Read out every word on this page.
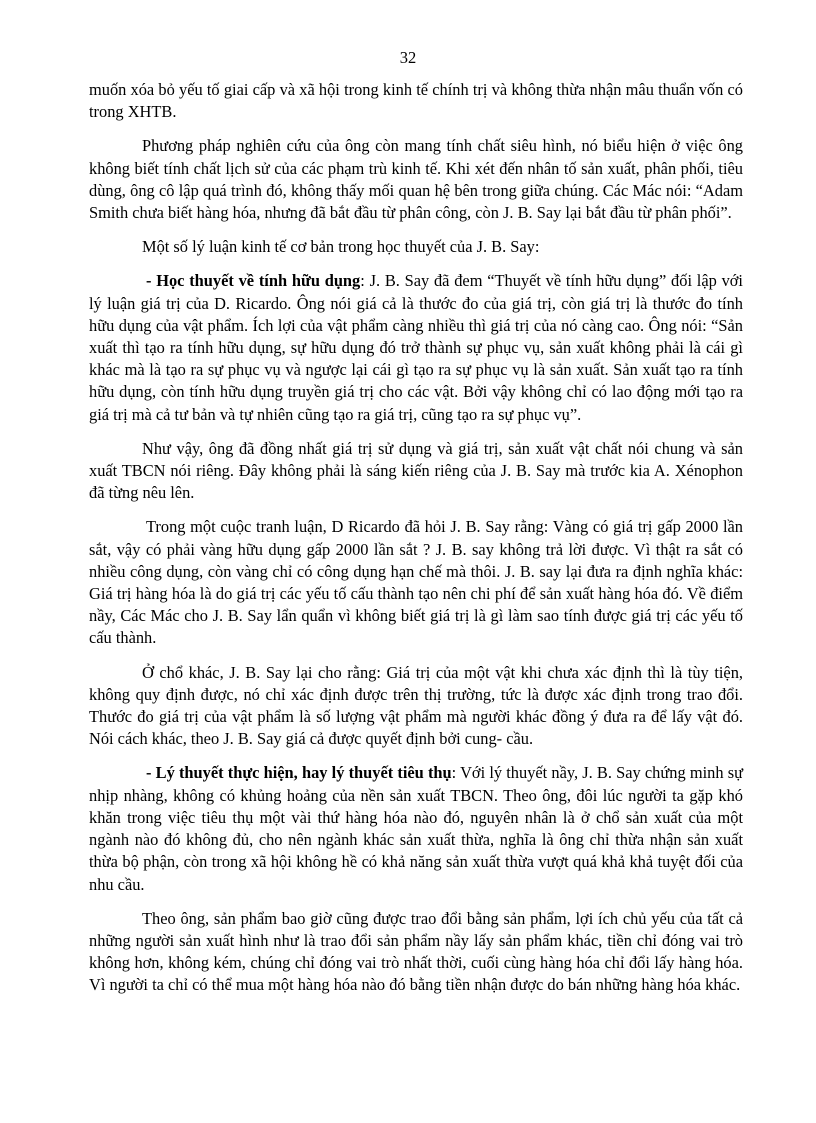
32

muốn xóa bỏ yếu tố giai cấp và xã hội trong kinh tế chính trị và không thừa nhận mâu thuẩn vốn có trong XHTB.

Phương pháp nghiên cứu của ông còn mang tính chất siêu hình, nó biểu hiện ở việc ông không biết tính chất lịch sử của các phạm trù kinh tế. Khi xét đến nhân tố sản xuất, phân phối, tiêu dùng, ông cô lập quá trình đó, không thấy mối quan hệ bên trong giữa chúng. Các Mác nói: “Adam Smith chưa biết hàng hóa, nhưng đã bắt đầu từ phân công, còn J. B. Say lại bắt đầu từ phân phối”.

Một số lý luận kinh tế cơ bản trong học thuyết của J. B. Say:

- Học thuyết về tính hữu dụng: J. B. Say đã đem “Thuyết về tính hữu dụng” đối lập với lý luận giá trị của D. Ricardo. Ông nói giá cả là thước đo của giá trị, còn giá trị là thước đo tính hữu dụng của vật phẩm. Ích lợi của vật phẩm càng nhiều thì giá trị của nó càng cao. Ông nói: “Sản xuất thì tạo ra tính hữu dụng, sự hữu dụng đó trở thành sự phục vụ, sản xuất không phải là cái gì khác mà là tạo ra sự phục vụ và ngược lại cái gì tạo ra sự phục vụ là sản xuất. Sản xuất tạo ra tính hữu dụng, còn tính hữu dụng truyền giá trị cho các vật. Bởi vậy không chỉ có lao động mới tạo ra giá trị mà cả tư bản và tự nhiên cũng tạo ra giá trị, cũng tạo ra sự phục vụ”.

Như vậy, ông đã đồng nhất giá trị sử dụng và giá trị, sản xuất vật chất nói chung và sản xuất TBCN nói riêng. Đây không phải là sáng kiến riêng của J. B. Say mà trước kia A. Xénophon đã từng nêu lên.

Trong một cuộc tranh luận, D Ricardo đã hỏi J. B. Say rằng: Vàng có giá trị gấp 2000 lần sắt, vậy có phải vàng hữu dụng gấp 2000 lần sắt ? J. B. say không trả lời được. Vì thật ra sắt có nhiều công dụng, còn vàng chỉ có công dụng hạn chế mà thôi. J. B. say lại đưa ra định nghĩa khác: Giá trị hàng hóa là do giá trị các yếu tố cấu thành tạo nên chi phí để sản xuất hàng hóa đó. Về điểm nầy, Các Mác cho J. B. Say lẩn quẩn vì không biết giá trị là gì làm sao tính được giá trị các yếu tố cấu thành.

Ở chổ khác, J. B. Say lại cho rằng: Giá trị của một vật khi chưa xác định thì là tùy tiện, không quy định được, nó chỉ xác định được trên thị trường, tức là được xác định trong trao đổi. Thước đo giá trị của vật phẩm là số lượng vật phẩm mà người khác đồng ý đưa ra để lấy vật đó. Nói cách khác, theo J. B. Say giá cả được quyết định bởi cung- cầu.

- Lý thuyết thực hiện, hay lý thuyết tiêu thụ: Với lý thuyết nầy, J. B. Say chứng minh sự nhịp nhàng, không có khủng hoảng của nền sản xuất TBCN. Theo ông, đôi lúc người ta gặp khó khăn trong việc tiêu thụ một vài thứ hàng hóa nào đó, nguyên nhân là ở chổ sản xuất của một ngành nào đó không đủ, cho nên ngành khác sản xuất thừa, nghĩa là ông chỉ thừa nhận sản xuất thừa bộ phận, còn trong xã hội không hề có khả năng sản xuất thừa vượt quá khả khả tuyệt đối của nhu cầu.

Theo ông, sản phẩm bao giờ cũng được trao đổi bằng sản phẩm, lợi ích chủ yếu của tất cả những người sản xuất hình như là trao đổi sản phẩm nầy lấy sản phẩm khác, tiền chỉ đóng vai trò không hơn, không kém, chúng chỉ đóng vai trò nhất thời, cuối cùng hàng hóa chỉ đổi lấy hàng hóa. Vì người ta chỉ có thể mua một hàng hóa nào đó bằng tiền nhận được do bán những hàng hóa khác.
